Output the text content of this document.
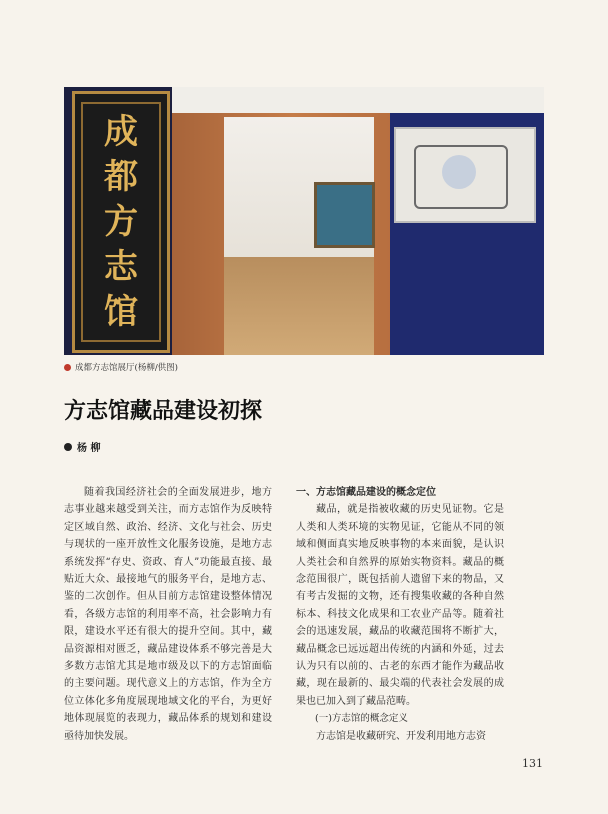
成
都
方
志
馆
成都方志馆展厅(杨柳/供图)
方志馆藏品建设初探
杨 柳

随着我国经济社会的全面发展进步，地方志事业越来越受到关注，而方志馆作为反映特定区域自然、政治、经济、文化与社会、历史与现状的一座开放性文化服务设施，是地方志系统发挥“存史、资政、育人”功能最直接、最贴近大众、最接地气的服务平台，是地方志、鉴的二次创作。但从目前方志馆建设整体情况看，各级方志馆的利用率不高，社会影响力有限，建设水平还有很大的提升空间。其中，藏品资源相对匮乏，藏品建设体系不够完善是大多数方志馆尤其是地市级及以下的方志馆面临的主要问题。现代意义上的方志馆，作为全方位立体化多角度展现地域文化的平台，为更好地体现展览的表现力，藏品体系的规划和建设亟待加快发展。

一、方志馆藏品建设的概念定位

藏品，就是指被收藏的历史见证物。它是人类和人类环境的实物见证，它能从不同的领域和侧面真实地反映事物的本来面貌，是认识人类社会和自然界的原始实物资料。藏品的概念范围很广，既包括前人遗留下来的物品，又有考古发掘的文物，还有搜集收藏的各种自然标本、科技文化成果和工农业产品等。随着社会的迅速发展，藏品的收藏范围将不断扩大，藏品概念已远远超出传统的内涵和外延，过去认为只有以前的、古老的东西才能作为藏品收藏，现在最新的、最尖端的代表社会发展的成果也已加入到了藏品范畴。

(一)方志馆的概念定义

方志馆是收藏研究、开发利用地方志资

131
